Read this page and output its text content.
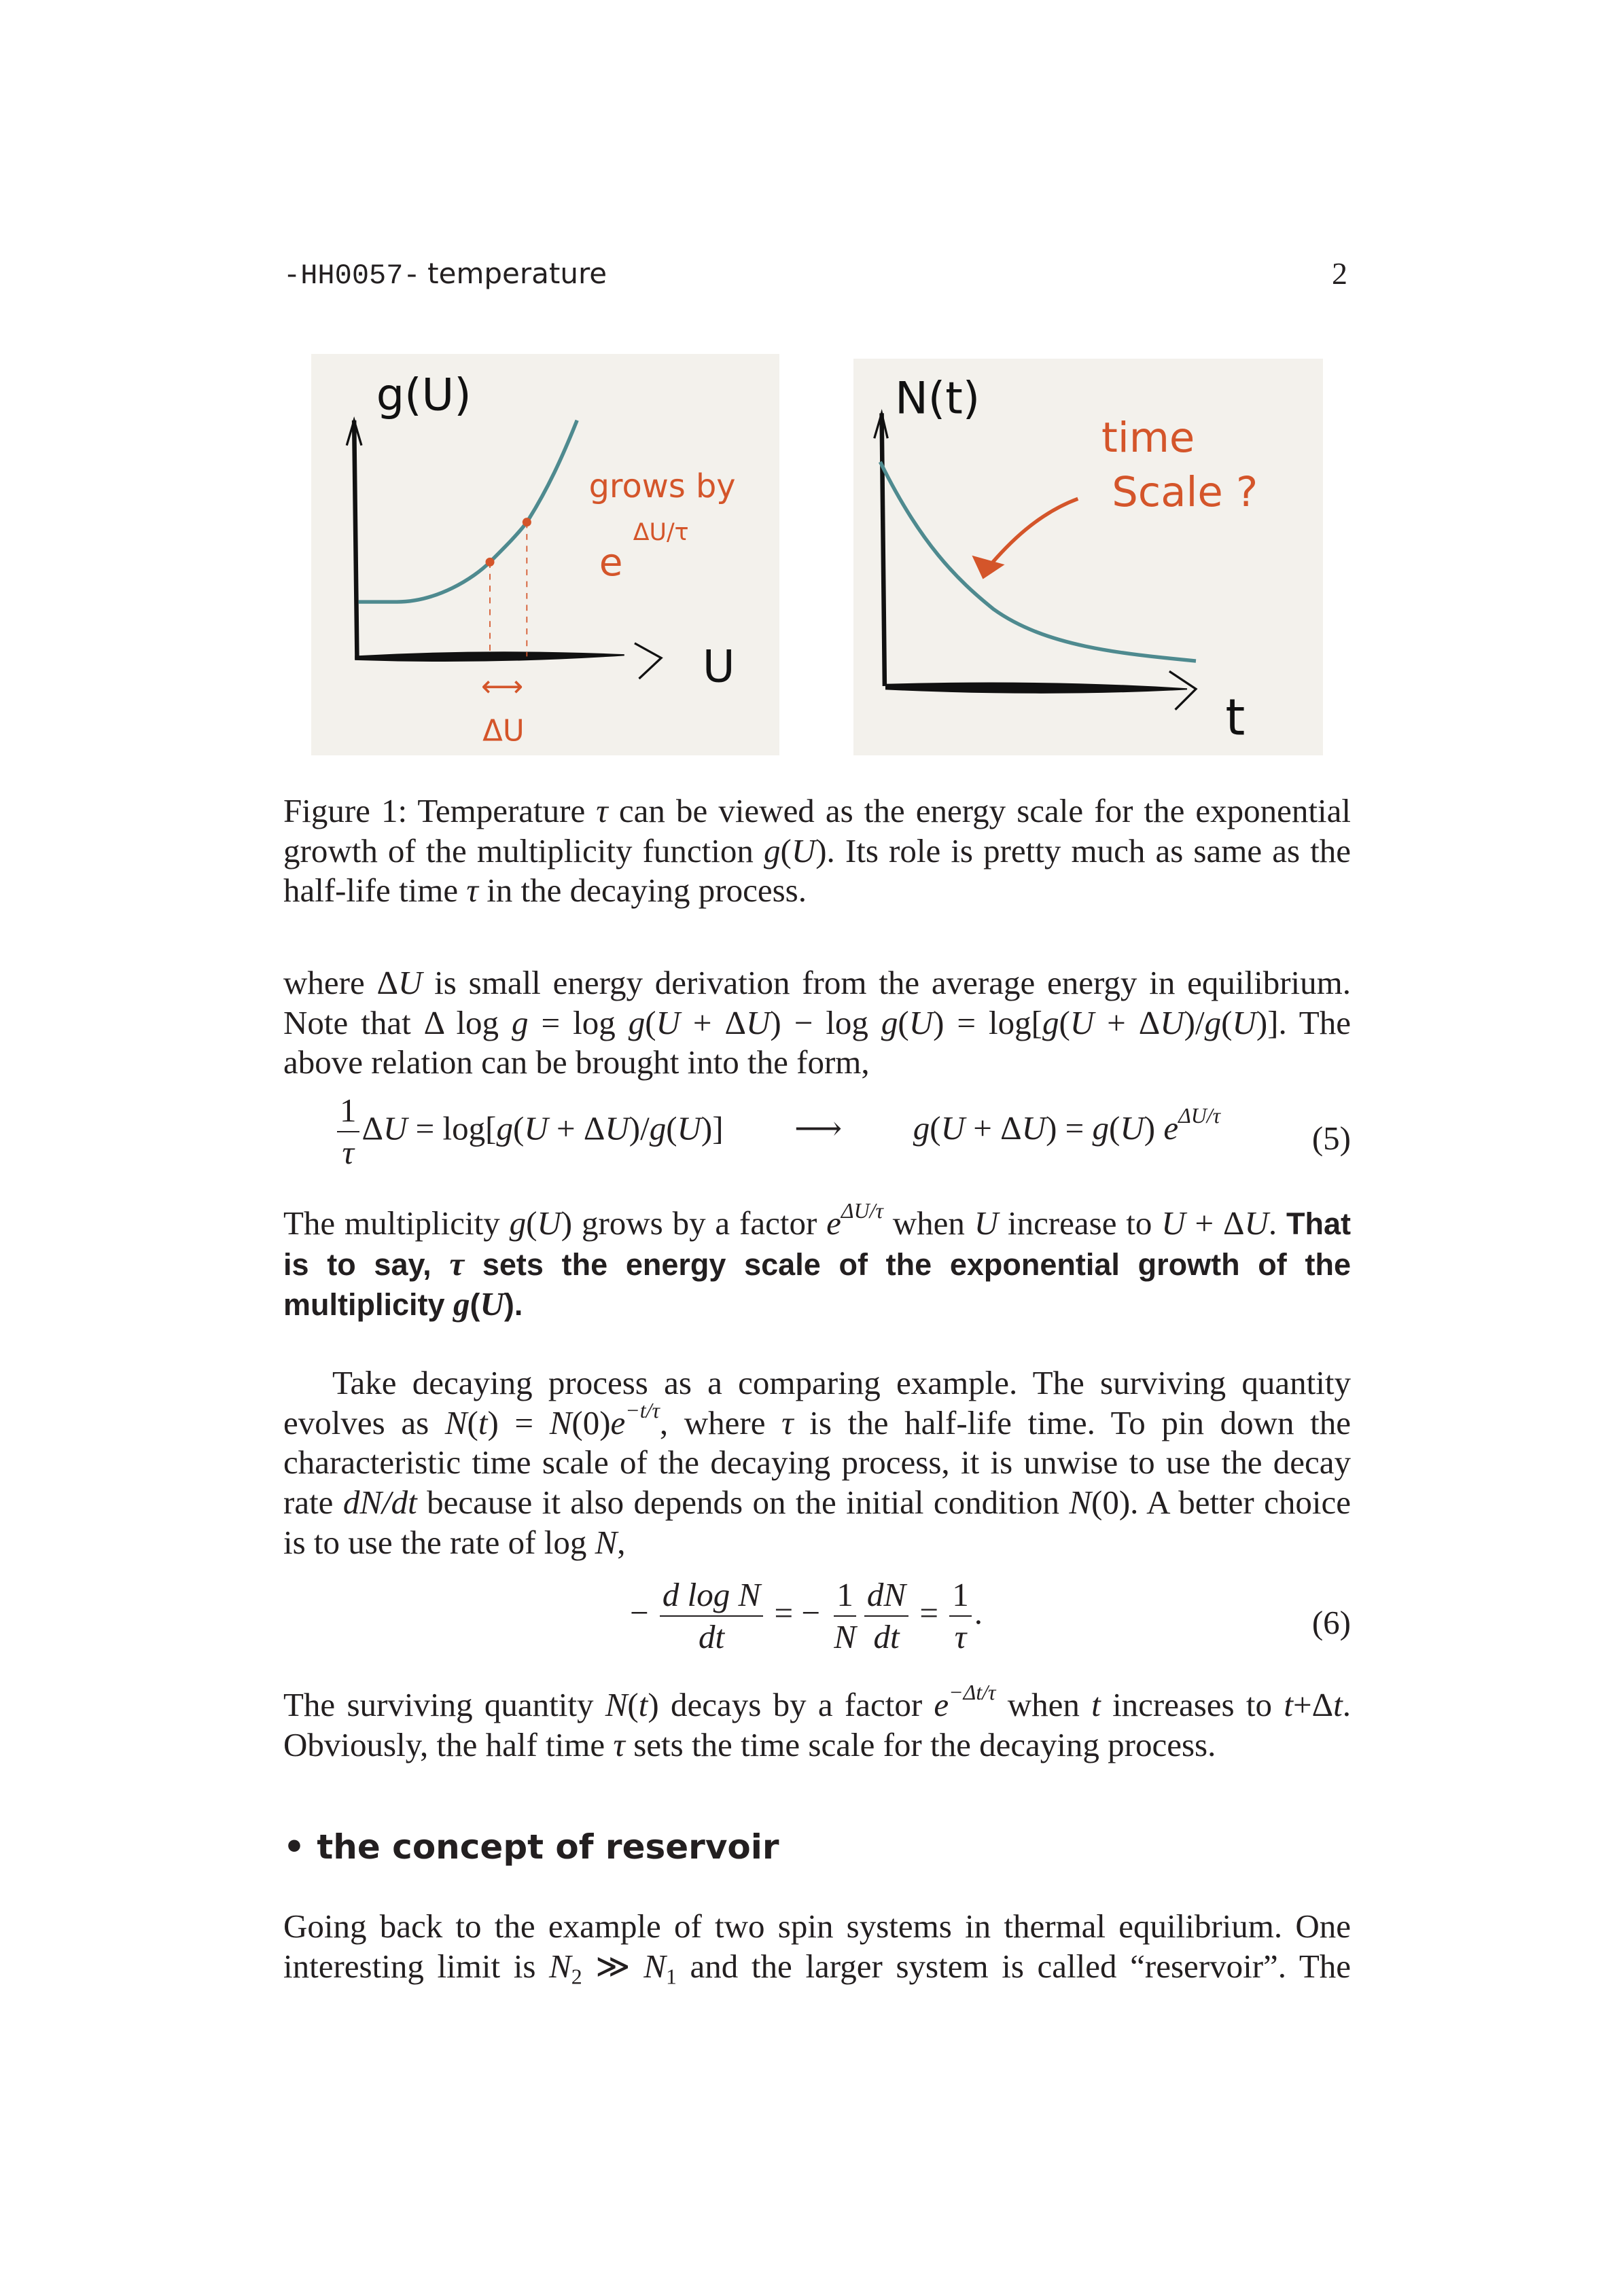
-HH0057- temperature	2
g(U)
U
grows by
ΔU/τ
e
⟷
ΔU
N(t)
t
time
Scale ?
Figure 1: Temperature τ can be viewed as the energy scale for the exponential growth of the multiplicity function g(U). Its role is pretty much as same as the half-life time τ in the decaying process.
where ΔU is small energy derivation from the average energy in equilibrium. Note that Δ log g = log g(U + ΔU) − log g(U) = log[g(U + ΔU)/g(U)]. The above relation can be brought into the form,
$\frac{1}{\tau}$ ΔU = log[g(U + ΔU)/g(U)] ⟶ g(U + ΔU) = g(U) $e^{\Delta U/\tau}$
(5)
The multiplicity g(U) grows by a factor $e^{\Delta U/\tau}$ when U increase to U + ΔU. That is to say, τ sets the energy scale of the exponential growth of the multiplicity g(U).
Take decaying process as a comparing example. The surviving quantity evolves as $N(t) = N(0)e^{-t/\tau}$, where τ is the half-life time. To pin down the characteristic time scale of the decaying process, it is unwise to use the decay rate dN/dt because it also depends on the initial condition N(0). A better choice is to use the rate of log N,
− $\frac{\text{d log N}}{dt}$ = − $\frac{1}{N} \frac{dN}{dt} = \frac{1}{\tau}$ .	(6)
The surviving quantity N(t) decays by a factor $e^{-\Delta t/\tau}$ when t increases to t+Δt. Obviously, the half time τ sets the time scale for the decaying process.
• the concept of reservoir
Going back to the example of two spin systems in thermal equilibrium. One interesting limit is $N_2$ ≫ $N_1$ and the larger system is called “reservoir”. The
